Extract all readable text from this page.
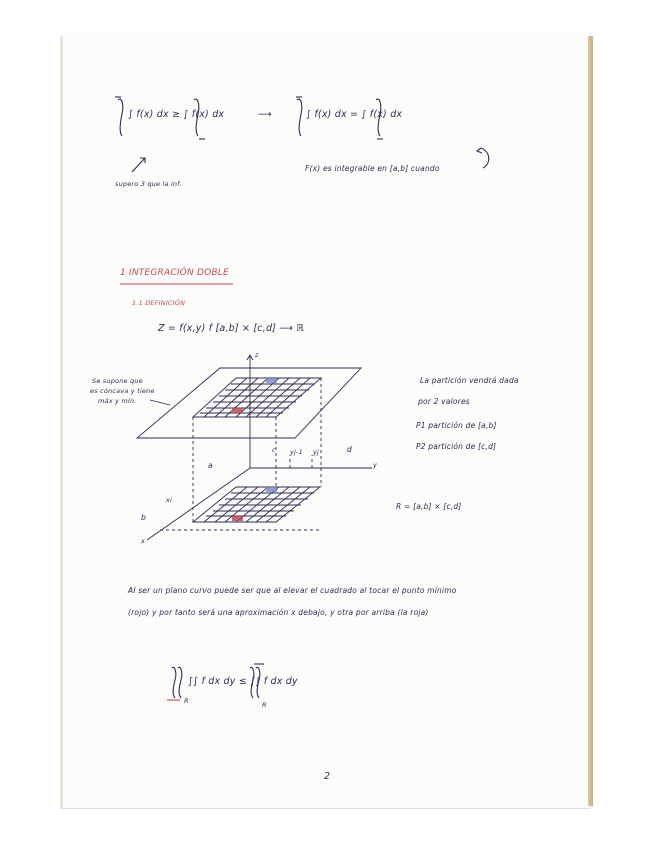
∫ f(x) dx ≥ ∫ f(x) dx	⟶	∫ f(x) dx = ∫ f(x) dx
supero 3 que la inf.
F(x) es integrable en [a,b] cuando
1 INTEGRACIÓN DOBLE
1.1 DEFINICIÓN
Z = f(x,y) f [a,b] × [c,d] ⟶ ℝ
Se supone que
es cóncava y tiene
máx y mín.
z
y
x
a
b
c	d
xi
yj-1 yj
La partición vendrá dada
por 2 valores
P1 partición de [a,b]
P2 partición de [c,d]
R = [a,b] × [c,d]
Al ser un plano curvo puede ser que al elevar el cuadrado al tocar el punto mínimo
(rojo) y por tanto será una aproximación x debajo, y otra por arriba (la roja)
∫∫ f dx dy ≤ ∫∫ f dx dy
R	R
2
